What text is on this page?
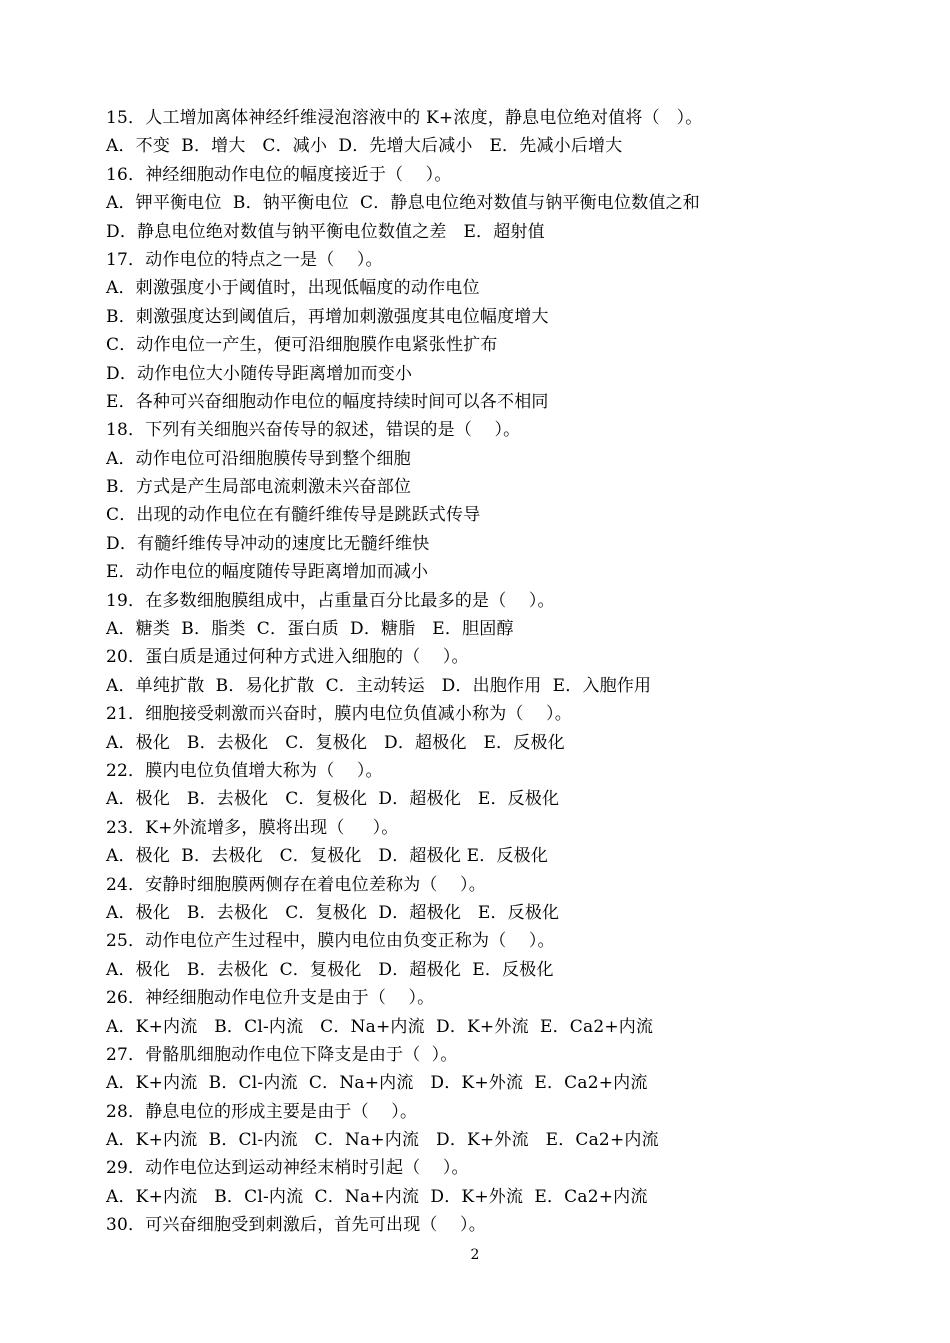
15．人工增加离体神经纤维浸泡溶液中的 K+浓度，静息电位绝对值将（   ）。
A．不变  B．增大   C．减小  D．先增大后减小   E．先减小后增大
16．神经细胞动作电位的幅度接近于（    ）。
A．钾平衡电位  B．钠平衡电位  C．静息电位绝对数值与钠平衡电位数值之和
D．静息电位绝对数值与钠平衡电位数值之差   E．超射值
17．动作电位的特点之一是（    ）。
A．刺激强度小于阈值时，出现低幅度的动作电位
B．刺激强度达到阈值后，再增加刺激强度其电位幅度增大
C．动作电位一产生，便可沿细胞膜作电紧张性扩布
D．动作电位大小随传导距离增加而变小
E．各种可兴奋细胞动作电位的幅度持续时间可以各不相同
18．下列有关细胞兴奋传导的叙述，错误的是（    ）。
A．动作电位可沿细胞膜传导到整个细胞
B．方式是产生局部电流刺激未兴奋部位
C．出现的动作电位在有髓纤维传导是跳跃式传导
D．有髓纤维传导冲动的速度比无髓纤维快
E．动作电位的幅度随传导距离增加而减小
19．在多数细胞膜组成中，占重量百分比最多的是（    ）。
A．糖类  B．脂类  C．蛋白质  D．糖脂   E．胆固醇
20．蛋白质是通过何种方式进入细胞的（    ）。
A．单纯扩散  B．易化扩散  C．主动转运   D．出胞作用  E．入胞作用
21．细胞接受刺激而兴奋时，膜内电位负值减小称为（    ）。
A．极化   B．去极化   C．复极化   D．超极化   E．反极化
22．膜内电位负值增大称为（    ）。
A．极化   B．去极化   C．复极化  D．超极化   E．反极化
23．K+外流增多，膜将出现（     ）。
A．极化  B．去极化   C．复极化   D．超极化 E．反极化
24．安静时细胞膜两侧存在着电位差称为（    ）。
A．极化   B．去极化   C．复极化  D．超极化   E．反极化
25．动作电位产生过程中，膜内电位由负变正称为（    ）。
A．极化   B．去极化  C．复极化   D．超极化  E．反极化
26．神经细胞动作电位升支是由于（    ）。
A．K+内流   B．Cl-内流   C．Na+内流  D．K+外流  E．Ca2+内流
27．骨骼肌细胞动作电位下降支是由于（  ）。
A．K+内流  B．Cl-内流  C．Na+内流   D．K+外流  E．Ca2+内流
28．静息电位的形成主要是由于（    ）。
A．K+内流  B．Cl-内流   C．Na+内流   D．K+外流   E．Ca2+内流
29．动作电位达到运动神经末梢时引起（    ）。
A．K+内流   B．Cl-内流  C．Na+内流  D．K+外流  E．Ca2+内流
30．可兴奋细胞受到刺激后，首先可出现（    ）。
2
